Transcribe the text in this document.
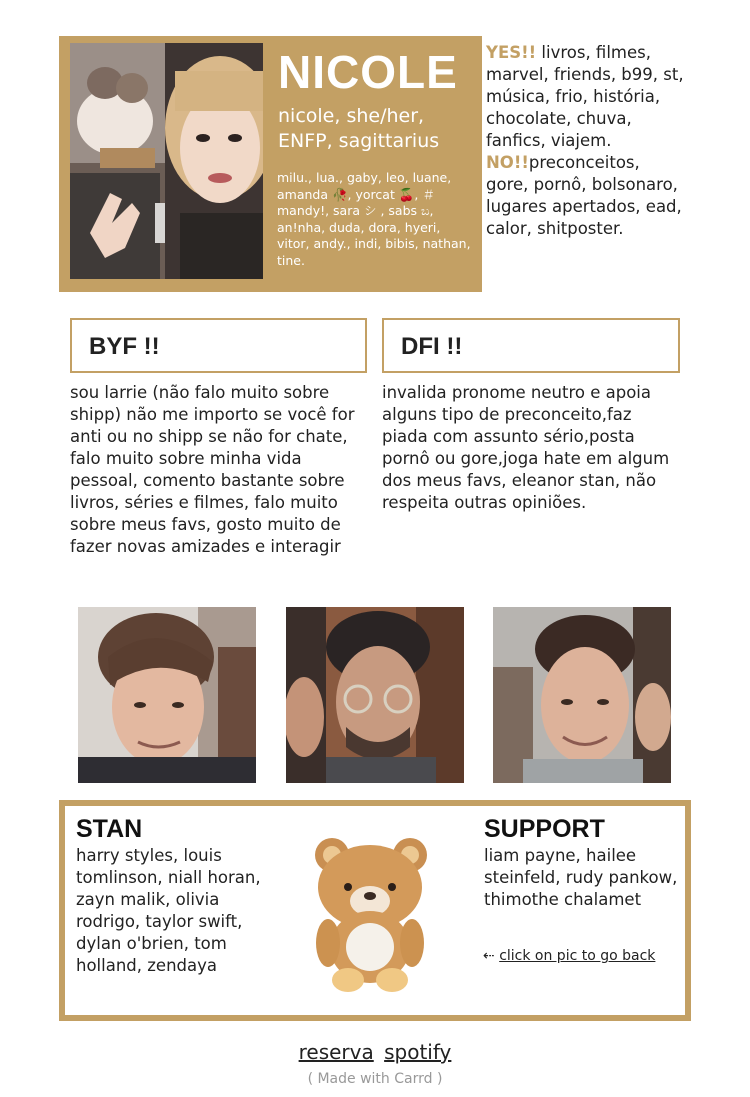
NICOLE
nicole, she/her, ENFP, sagittarius
milu., lua., gaby, leo, luane, amanda 🥀, yorcat 🍒, ＃ mandy!, sara シ , sabs ಬ, an!nha, duda, dora, hyeri, vitor, andy., indi, bibis, nathan, tine.
YES!! livros, filmes, marvel, friends, b99, st, música, frio, história, chocolate, chuva, fanfics, viajem.
NO!!preconceitos, gore, pornô, bolsonaro, lugares apertados, ead, calor, shitposter.
BYF !!	DFI !!
sou larrie (não falo muito sobre shipp) não me importo se você for anti ou no shipp se não for chate, falo muito sobre minha vida pessoal, comento bastante sobre livros, séries e filmes, falo muito sobre meus favs, gosto muito de fazer novas amizades e interagir
invalida pronome neutro e apoia alguns tipo de preconceito,faz piada com assunto sério,posta pornô ou gore,joga hate em algum dos meus favs, eleanor stan, não respeita outras opiniões.
STAN
harry styles, louis tomlinson, niall horan, zayn malik, olivia rodrigo, taylor swift, dylan o'brien, tom holland, zendaya
SUPPORT
liam payne, hailee steinfeld, rudy pankow, thimothe chalamet
⇠ click on pic to go back
reserva spotify
( Made with Carrd )
